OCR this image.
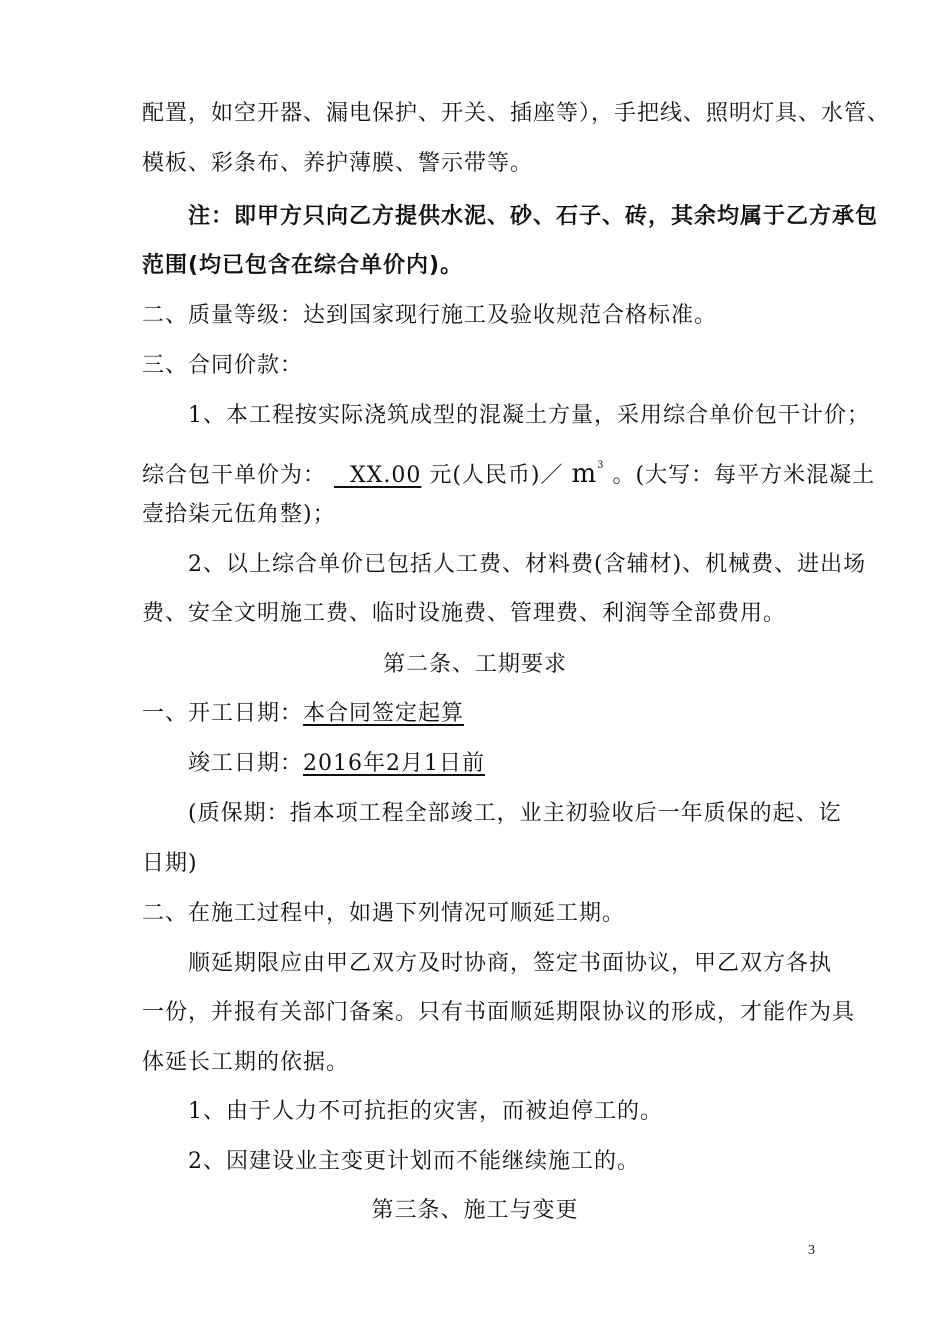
配置，如空开器、漏电保护、开关、插座等），手把线、照明灯具、水管、
模板、彩条布、养护薄膜、警示带等。
注：即甲方只向乙方提供水泥、砂、石子、砖，其余均属于乙方承包
范围(均已包含在综合单价内)。
二、质量等级：达到国家现行施工及验收规范合格标准。
三、合同价款：
1、本工程按实际浇筑成型的混凝土方量，采用综合单价包干计价；
综合包干单价为： XX.00 元(人民币)／ $m^3$ 。(大写：每平方米混凝土
壹拾柒元伍角整)；
2、以上综合单价已包括人工费、材料费(含辅材)、机械费、进出场
费、安全文明施工费、临时设施费、管理费、利润等全部费用。
第二条、工期要求
一、开工日期：本合同签定起算
竣工日期：2016年2月1日前
(质保期：指本项工程全部竣工，业主初验收后一年质保的起、讫
日期)
二、在施工过程中，如遇下列情况可顺延工期。
顺延期限应由甲乙双方及时协商，签定书面协议，甲乙双方各执
一份，并报有关部门备案。只有书面顺延期限协议的形成，才能作为具
体延长工期的依据。
1、由于人力不可抗拒的灾害，而被迫停工的。
2、因建设业主变更计划而不能继续施工的。
第三条、施工与变更
3
